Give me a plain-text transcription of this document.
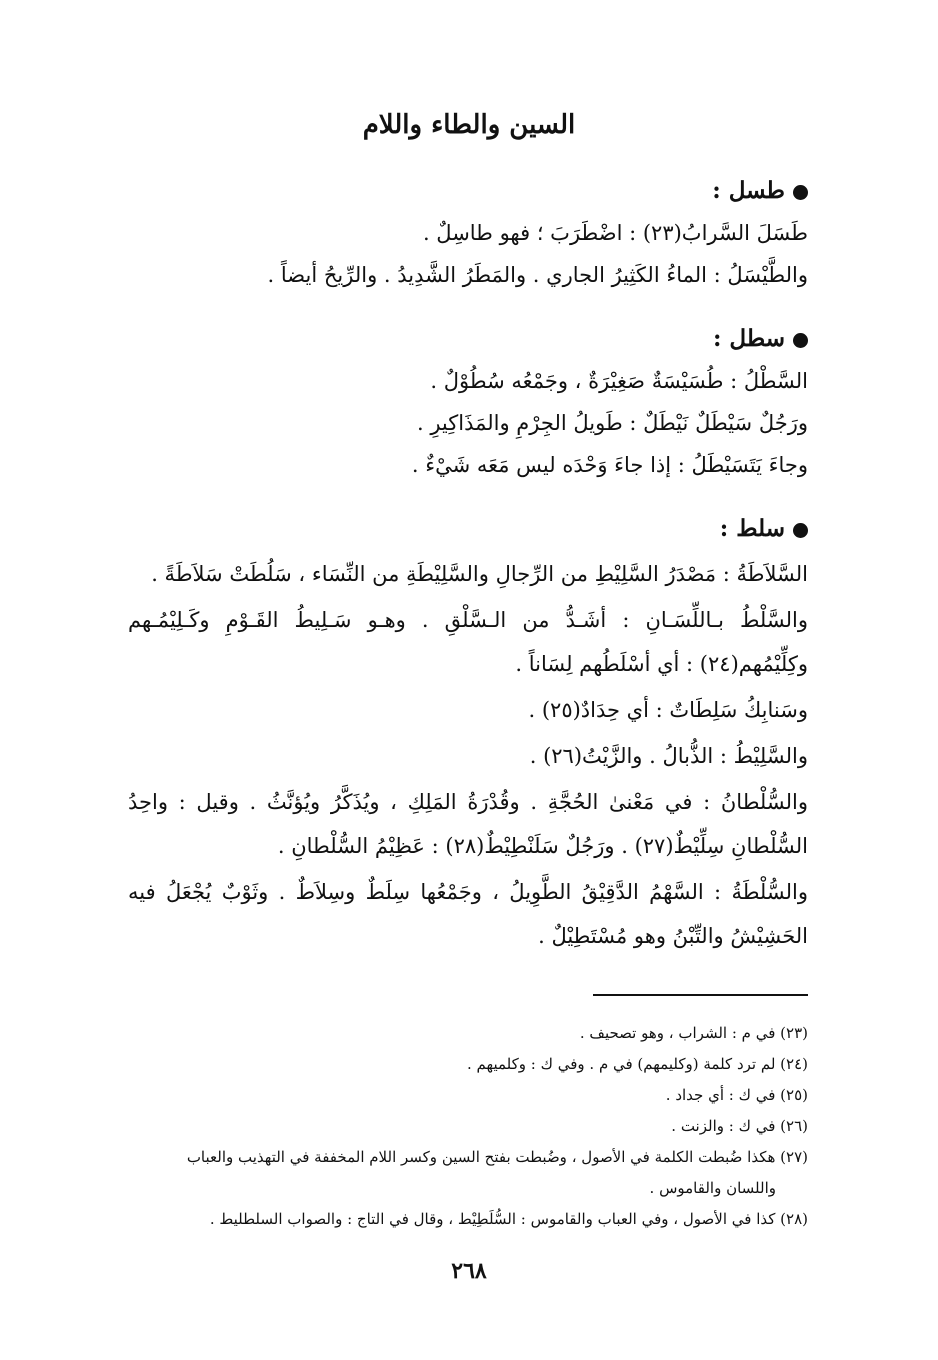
السين والطاء واللام
طسل :
طَسَلَ السَّرابُ(٢٣) : اضْطَرَبَ ؛ فهو طاسِلٌ .
والطَّيْسَلُ : الماءُ الكَثِيرُ الجاري . والمَطَرُ الشَّدِيدُ . والرِّيحُ أيضاً .
سطل :
السَّطْلُ : طُسَيْسَةٌ صَغِيْرَةٌ ، وجَمْعُه سُطُوْلٌ .
ورَجُلٌ سَيْطَلٌ نَيْطَلٌ : طَويلُ الجِرْمِ والمَذَاكِيرِ .
وجاءَ يَتَسَيْطَلُ : إذا جاءَ وَحْدَه ليس مَعَه شَيْءٌ .
سلط :
السَّلاَطَةُ : مَصْدَرُ السَّلِيْطِ من الرِّجالِ والسَّلِيْطَةِ من النِّسَاء ، سَلُطَتْ سَلاَطَةً .
والسَّلْطُ بـاللِّسَـانِ : أشَـدُّ من الـسَّلْقِ . وهـو سَـلِيطُ القَـوْمِ وكَـلِيْمُـهم وكِلِّيْمُهم(٢٤) : أي أسْلَطُهم لِسَاناً .
وسَنابِكُ سَلِطَاتٌ : أي حِدَادٌ(٢٥) .
والسَّلِيْطُ : الذُّبالُ . والزَّيْتُ(٢٦) .
والسُّلْطانُ : في مَعْنىٰ الحُجَّةِ . وقُدْرَةُ المَلِكِ ، ويُذَكَّرُ ويُؤنَّثُ . وقيل : واحِدُ السُّلْطانِ سِلِّيْطٌ(٢٧) . ورَجُلٌ سَلَنْطِيْطٌ(٢٨) : عَظِيْمُ السُّلْطانِ .
والسُّلْطَةُ : السَّهْمُ الدَّقِيْقُ الطَّوِيلُ ، وجَمْعُها سِلَطٌ وسِلاَطٌ . وثَوْبٌ يُجْعَلُ فيه الحَشِيْشُ والتِّبْنُ وهو مُسْتَطِيْلٌ .
(٢٣) في م : الشراب ، وهو تصحيف .
(٢٤) لم ترد كلمة (وكليمهم) في م . وفي ك : وكلميهم .
(٢٥) في ك : أي جداد .
(٢٦) في ك : والزنت .
(٢٧) هكذا ضُبطت الكلمة في الأصول ، وضُبطت بفتح السين وكسر اللام المخففة في التهذيب والعباب
واللسان والقاموس .
(٢٨) كذا في الأصول ، وفي العباب والقاموس : السُّلَطِيْط ، وقال في التاج : والصواب السلطليط .
٢٦٨
